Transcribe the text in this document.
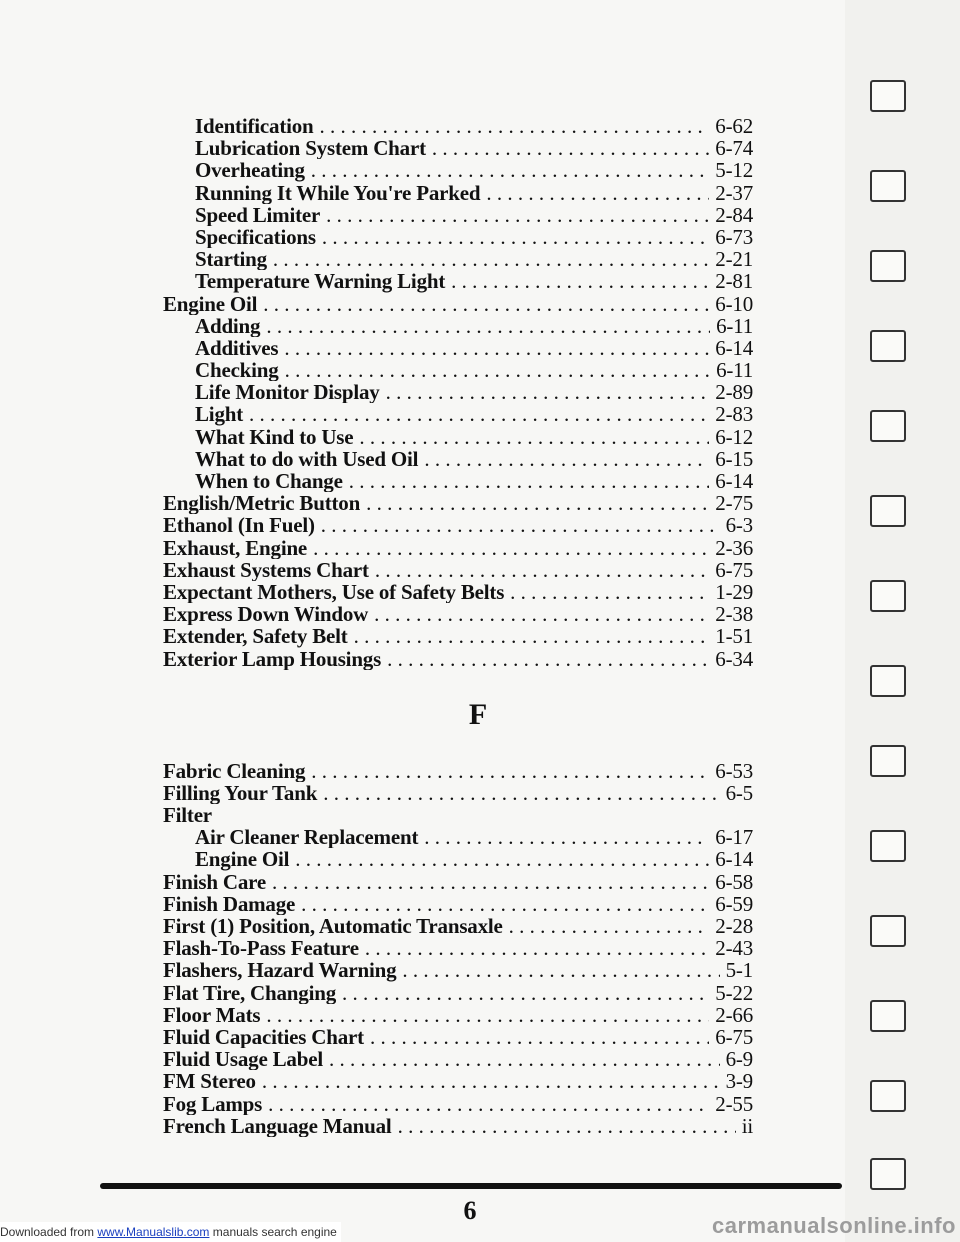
Identification . . .	6-62
Lubrication System Chart . . .	6-74
Overheating . . .	5-12
Running It While You're Parked . . .	2-37
Speed Limiter . . .	2-84
Specifications . . .	6-73
Starting . . .	2-21
Temperature Warning Light . . .	2-81
Engine Oil . . .	6-10
Adding . . .	6-11
Additives . . .	6-14
Checking . . .	6-11
Life Monitor Display . . .	2-89
Light . . .	2-83
What Kind to Use . . .	6-12
What to do with Used Oil . . .	6-15
When to Change . . .	6-14
English/Metric Button . . .	2-75
Ethanol (In Fuel) . . .	6-3
Exhaust, Engine . . .	2-36
Exhaust Systems Chart . . .	6-75
Expectant Mothers, Use of Safety Belts . . .	1-29
Express Down Window . . .	2-38
Extender, Safety Belt . . .	1-51
Exterior Lamp Housings . . .	6-34
F
Fabric Cleaning . . .	6-53
Filling Your Tank . . .	6-5
Filter
Air Cleaner Replacement . . .	6-17
Engine Oil . . .	6-14
Finish Care . . .	6-58
Finish Damage . . .	6-59
First (1) Position, Automatic Transaxle . . .	2-28
Flash-To-Pass Feature . . .	2-43
Flashers, Hazard Warning . . .	5-1
Flat Tire, Changing . . .	5-22
Floor Mats . . .	2-66
Fluid Capacities Chart . . .	6-75
Fluid Usage Label . . .	6-9
FM Stereo . . .	3-9
Fog Lamps . . .	2-55
French Language Manual . . .	ii
6
Downloaded from www.Manualslib.com manuals search engine	carmanualsonline.info
